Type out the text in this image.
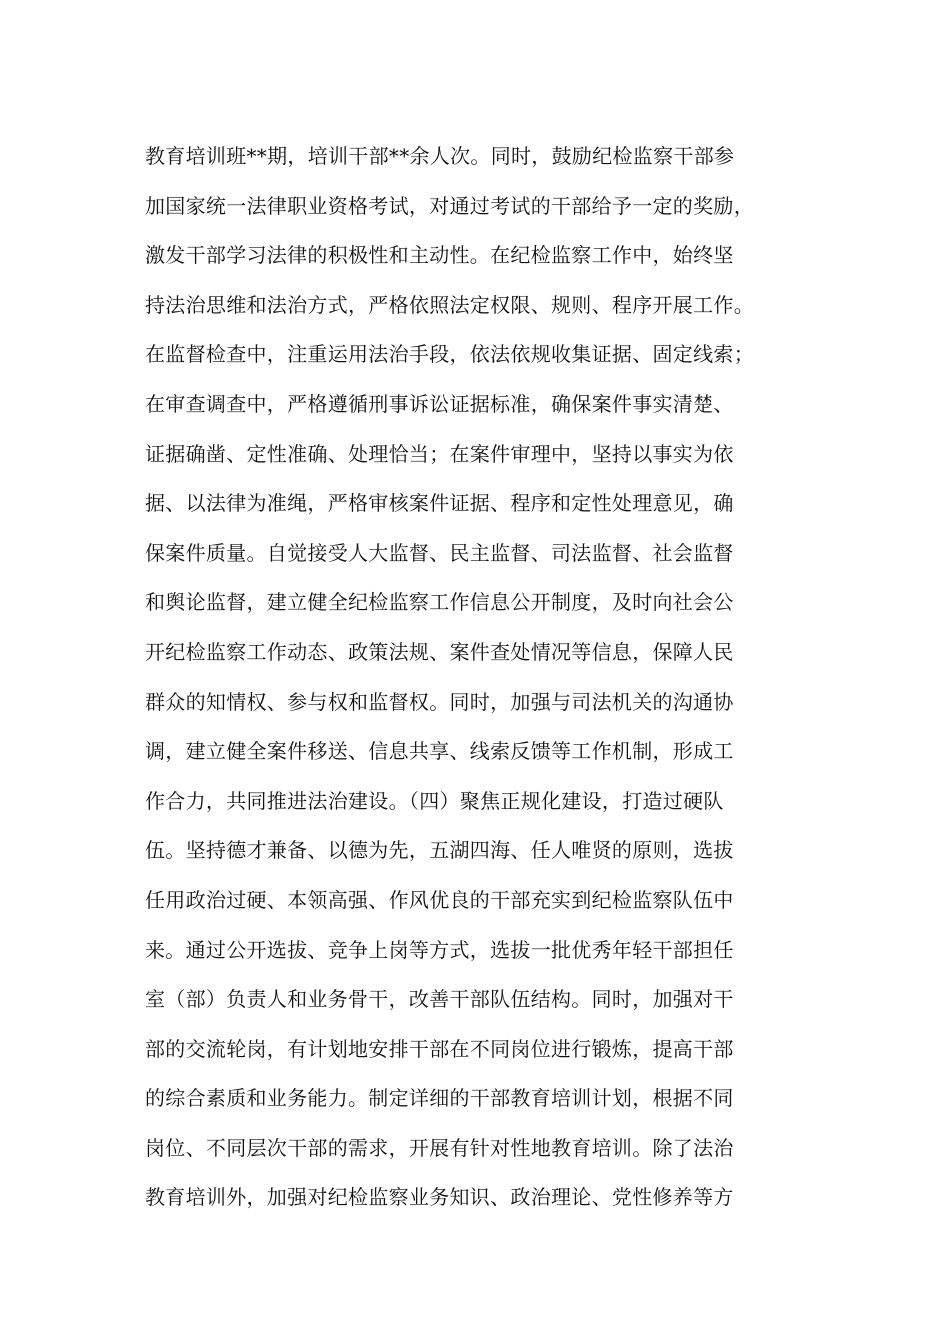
教育培训班**期，培训干部**余人次。同时，鼓励纪检监察干部参
加国家统一法律职业资格考试，对通过考试的干部给予一定的奖励，
激发干部学习法律的积极性和主动性。在纪检监察工作中，始终坚
持法治思维和法治方式，严格依照法定权限、规则、程序开展工作。
在监督检查中，注重运用法治手段，依法依规收集证据、固定线索；
在审查调查中，严格遵循刑事诉讼证据标准，确保案件事实清楚、
证据确凿、定性准确、处理恰当；在案件审理中，坚持以事实为依
据、以法律为准绳，严格审核案件证据、程序和定性处理意见，确
保案件质量。自觉接受人大监督、民主监督、司法监督、社会监督
和舆论监督，建立健全纪检监察工作信息公开制度，及时向社会公
开纪检监察工作动态、政策法规、案件查处情况等信息，保障人民
群众的知情权、参与权和监督权。同时，加强与司法机关的沟通协
调，建立健全案件移送、信息共享、线索反馈等工作机制，形成工
作合力，共同推进法治建设。（四）聚焦正规化建设，打造过硬队
伍。坚持德才兼备、以德为先，五湖四海、任人唯贤的原则，选拔
任用政治过硬、本领高强、作风优良的干部充实到纪检监察队伍中
来。通过公开选拔、竞争上岗等方式，选拔一批优秀年轻干部担任
室（部）负责人和业务骨干，改善干部队伍结构。同时，加强对干
部的交流轮岗，有计划地安排干部在不同岗位进行锻炼，提高干部
的综合素质和业务能力。制定详细的干部教育培训计划，根据不同
岗位、不同层次干部的需求，开展有针对性地教育培训。除了法治
教育培训外，加强对纪检监察业务知识、政治理论、党性修养等方
